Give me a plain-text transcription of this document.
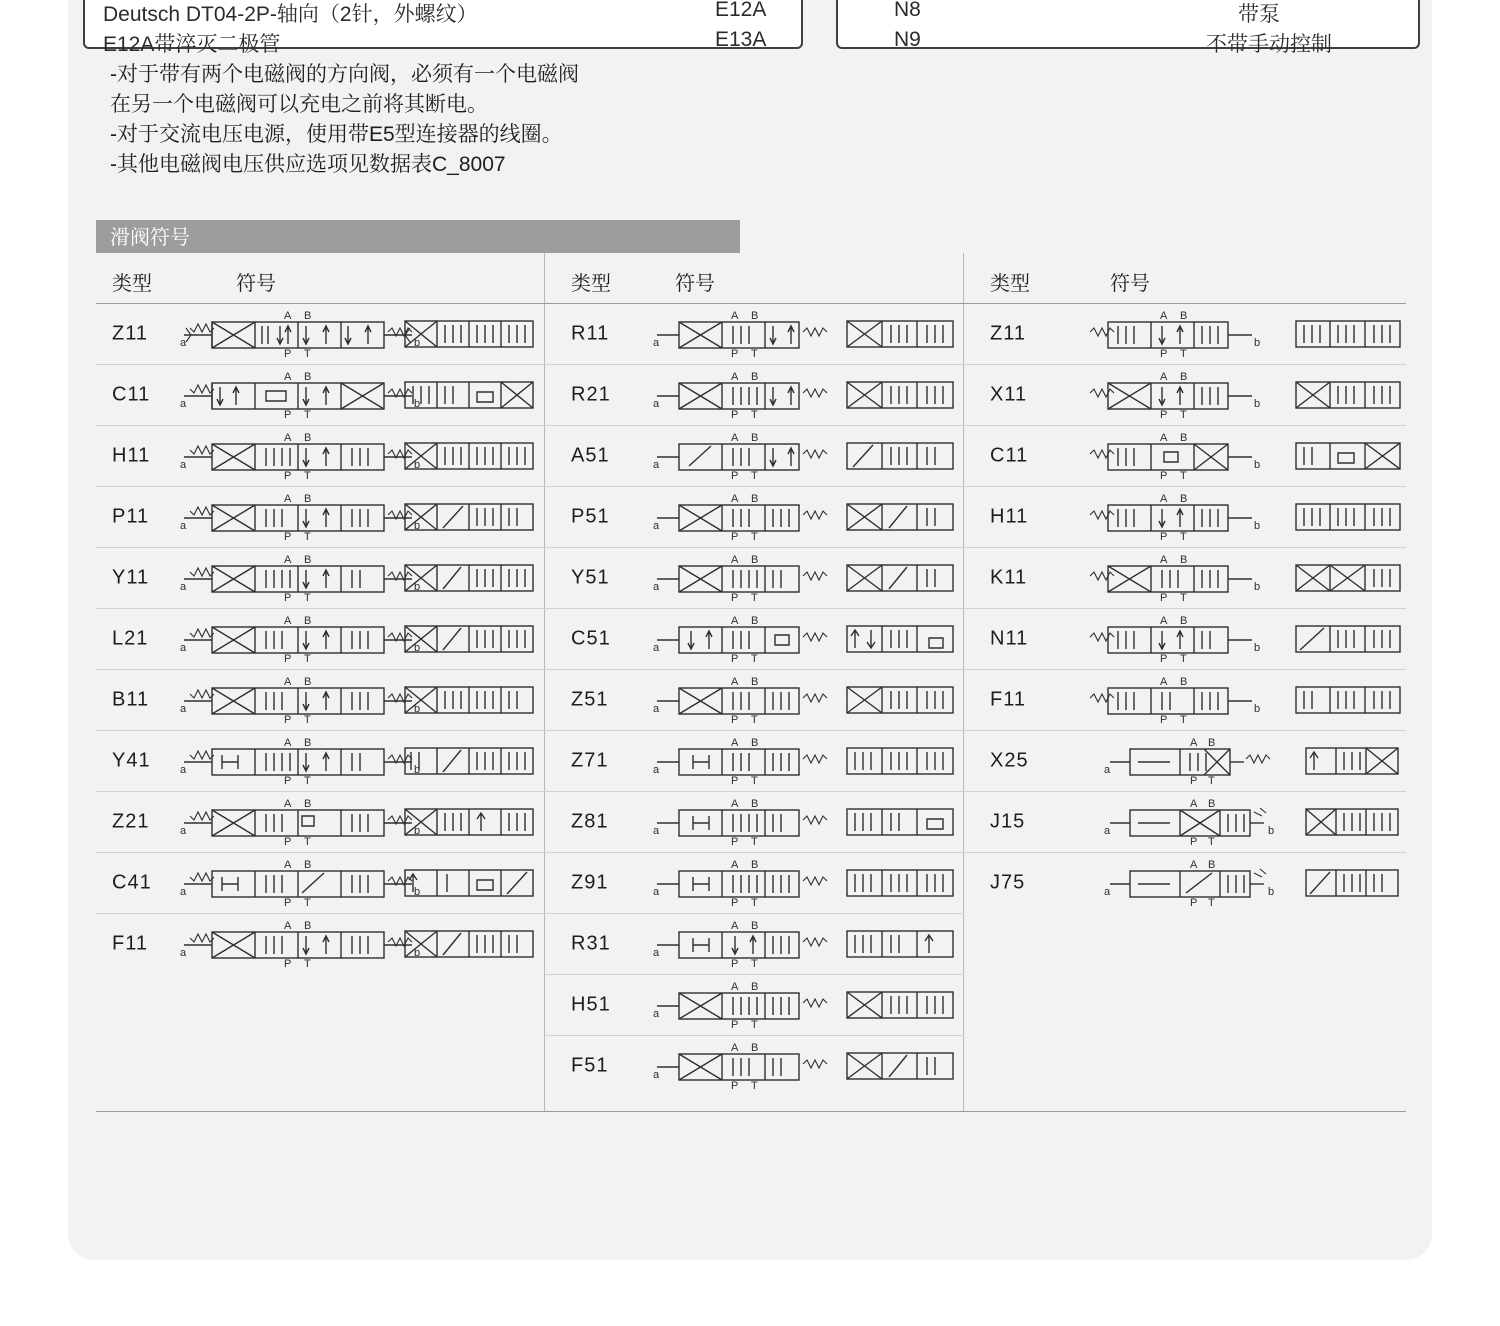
Deutsch DT04-2P-轴向（2针，外螺纹）	E12A
E12A带淬灭二极管	E13A
N8	带泵
N9	不带手动控制
-对于带有两个电磁阀的方向阀，必须有一个电磁阀
在另一个电磁阀可以充电之前将其断电。
-对于交流电压电源，使用带E5型连接器的线圈。
-其他电磁阀电压供应选项见数据表C_8007
滑阀符号
类型	符号
Z11	a	b
A B
P T
C11	a	b
A B
P T
H11	a	b
A B
P T
P11	a	b
A B
P T
Y11	a	b
A B
P T
L21	a	b
A B
P T
B11	a	b
A B
P T
Y41	a	b
A B
P T
Z21	a	b
A B
P T
C41	a	b
A B
P T
F11	a	b
A B
P T
类型	符号
R11	a
A B
P T
R21	a
A B
P T
A51	a
A B
P T
P51	a
A B
P T
Y51	a
A B
P T
C51	a
A B
P T
Z51	a
A B
P T
Z71	a
A B
P T
Z81	a
A B
P T
Z91	a
A B
P T
R31	a
A B
P T
H51	a
A B
P T
F51	a
A B
P T
类型	符号
Z11	b
A B
P T
X11	b
A B
P T
C11	b
A B
P T
H11	b
A B
P T
K11	b
A B
P T
N11	b
A B
P T
F11	b
A B
P T
X25	a
A B
P T
J15	a	b
A B
P T
J75	a	b
A B
P T
